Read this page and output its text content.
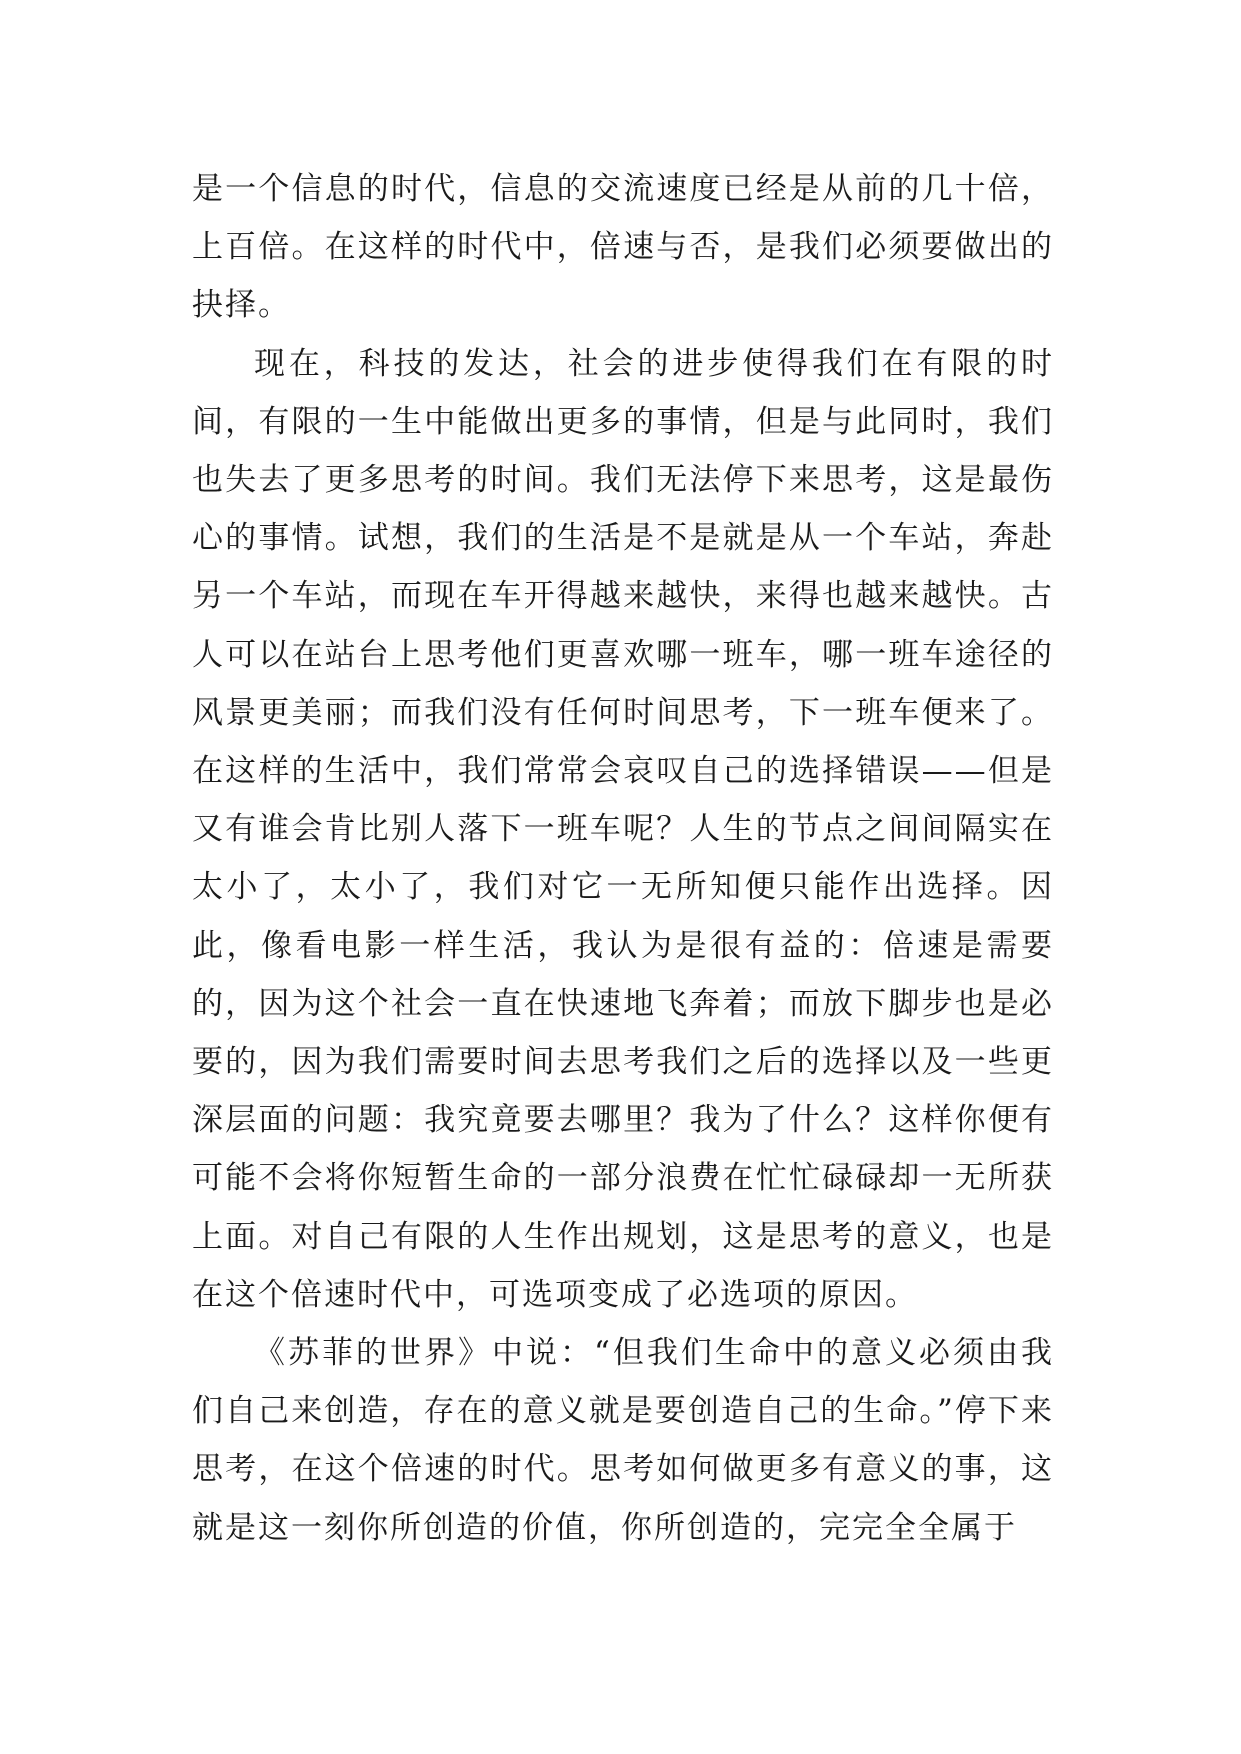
是一个信息的时代，信息的交流速度已经是从前的几十倍，上百倍。在这样的时代中，倍速与否，是我们必须要做出的抉择。

现在，科技的发达，社会的进步使得我们在有限的时间，有限的一生中能做出更多的事情，但是与此同时，我们也失去了更多思考的时间。我们无法停下来思考，这是最伤心的事情。试想，我们的生活是不是就是从一个车站，奔赴另一个车站，而现在车开得越来越快，来得也越来越快。古人可以在站台上思考他们更喜欢哪一班车，哪一班车途径的风景更美丽；而我们没有任何时间思考，下一班车便来了。在这样的生活中，我们常常会哀叹自己的选择错误——但是又有谁会肯比别人落下一班车呢？人生的节点之间间隔实在太小了，太小了，我们对它一无所知便只能作出选择。因此，像看电影一样生活，我认为是很有益的：倍速是需要的，因为这个社会一直在快速地飞奔着；而放下脚步也是必要的，因为我们需要时间去思考我们之后的选择以及一些更深层面的问题：我究竟要去哪里？我为了什么？这样你便有可能不会将你短暂生命的一部分浪费在忙忙碌碌却一无所获上面。对自己有限的人生作出规划，这是思考的意义，也是在这个倍速时代中，可选项变成了必选项的原因。

《苏菲的世界》中说：“但我们生命中的意义必须由我们自己来创造，存在的意义就是要创造自己的生命。”停下来思考，在这个倍速的时代。思考如何做更多有意义的事，这就是这一刻你所创造的价值，你所创造的，完完全全属于
